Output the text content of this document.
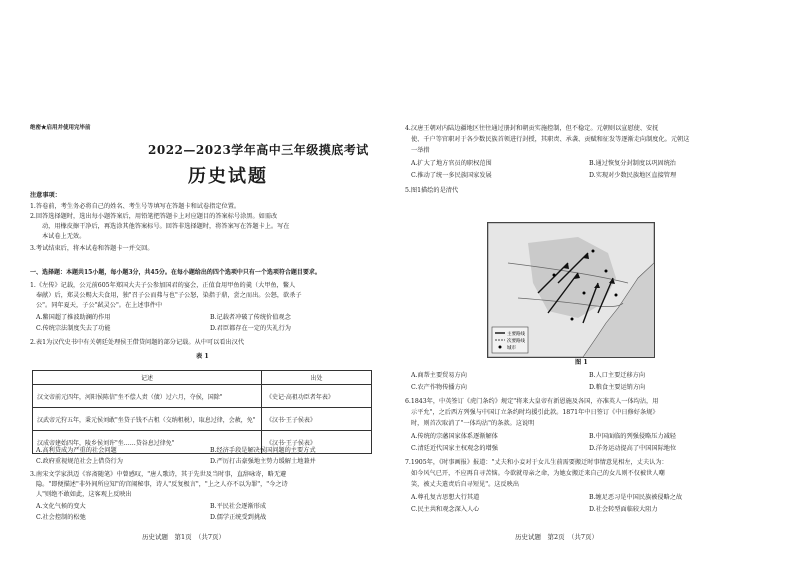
绝密★启用并使用完毕前
2022—2023学年高中三年级摸底考试
历史试题
注意事项：
1.答卷前，考生务必将自己的姓名、考生号等填写在答题卡和试卷指定位置。
2.回答选择题时，选出每小题答案后，用铅笔把答题卡上对应题目的答案标号涂黑。如需改
动，用橡皮擦干净后，再选涂其他答案标号。回答非选择题时，将答案写在答题卡上。写在
本试卷上无效。
3.考试结束后，将本试卷和答题卡一并交回。
一、选择题：本题共15小题，每小题3分，共45分。在每小题给出的四个选项中只有一个选项符合题目要求。
1.《左传》记载，公元前605年郑国大夫子公参加国君的宴会，正值食用甲鱼的羹（大甲鱼，鳖人
奉献）后，郑灵公赐大夫食用，独"召子公而弗与也"子公怒，染指于鼎，尝之而出。公怒，欲杀子
公"。同年夏天，子公"弑灵公"。在上述事件中
A.鳖国超了推波助澜的作用	B.记载者冲破了传统价值观念
C.传统宗法制度失去了功能	D.君臣都存在一定的失礼行为
2.表1为汉代史书中有关朝廷处理侯王借贷问题的部分记载。从中可以看出汉代
表 1
记述	出处
汉文帝前元四年，河阳侯陈信"坐不偿人责（债）过六月，夺侯，国除"	《史记·高祖功臣者年表》
汉武帝元狩五年，秉元侯刘敢"坐贷子钱不占租（交纳租税），取息过律，会赦，免"	《汉书·王子侯表》
汉成帝建始四年，陵乡侯刘许"坐……贷谷息过律免"	《汉书·王子侯表》
A.高利贷成为严重的社会问题	B.经济手段是解决侯国问题的主要方式
C.政府重视规范社会上借贷行为	D.严厉打击豪强地主势力缓解土地兼并
3.南宋文学家洪迈《容斋随笔》中曾感叹，"唐人歌诗，其于先世及当时事，直辞咏寄，略无避
隐。"即便描述"非外间所应知"的宫闱秘事，诗人"反复极言"，"上之人亦不以为罪"，"今之诗
人"则绝不敢如此，这客观上反映出
A.文化气候的变大	B.平民社会逐渐形成
C.社会控制的松弛	D.儒学正统受到挑战
历史试题　第1页　（共7页）
4.汉唐王朝对内陆边疆地区往往通过册封和朝贡实施控制，但不稳定。元朝则以宣慰使、安抚
使、千户等官职对于各少数民族首领进行封授，其职责、承袭、贡赋和征发等逐渐走向制度化。元朝这
一举措
A.扩大了地方官员的职权范围	B.通过恢复分封制度以巩固统治
C.推动了统一多民族国家发展	D.实现对少数民族地区直接管理
5.图1描绘的是清代
图 1
A.商帮主要贸易方向	B.人口主要迁移方向
C.农产作物传播方向	D.粮食主要运销方向
6.1843年，中英签订《虎门条约》规定"将来大皇帝有新恩施及各国，亦准英人一体均沾，用
示平允"，之后西方列强与中国订立条约时均援引此款。1871年中日签订《中日修好条规》
时，则首次取消了"一体均沾"的条款。这说明
A.传统的宗藩国家体系逐渐解体	B.中国面临的列强侵略压力减轻
C.清廷近代国家主权观念的增强	D.洋务运动提高了中国国际地位
7.1905年，《时事画报》报道："丈夫和小妾对于女儿生前需要搬迁时事情意见相左，丈夫认为：
如今风气已开，不应再自寻苦恼。今欲就母亲之命，为她女搬迁来自己的女儿则不仅被世人嘲
笑，被丈夫遣责后自寻短见"。这反映出
A.尊孔复古思想大行其道	B.缠足恶习是中国民族被侵略之故
C.民主共和观念深入人心	D.社会转型面临较大阻力
历史试题　第2页　（共7页）
主要路线
次要路线
城市
